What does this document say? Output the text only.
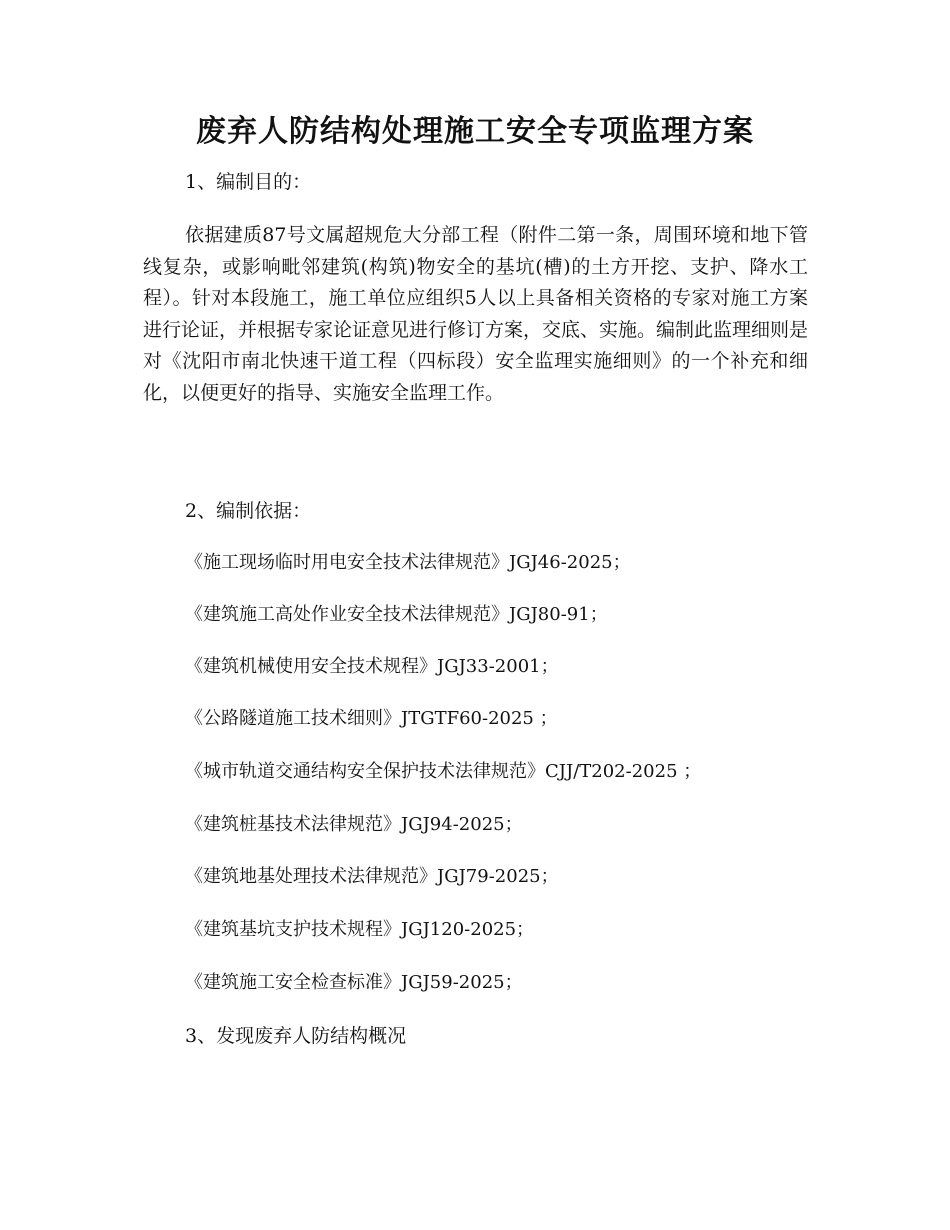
废弃人防结构处理施工安全专项监理方案
1、编制目的：
依据建质87号文属超规危大分部工程（附件二第一条，周围环境和地下管线复杂，或影响毗邻建筑(构筑)物安全的基坑(槽)的土方开挖、支护、降水工程）。针对本段施工，施工单位应组织5人以上具备相关资格的专家对施工方案进行论证，并根据专家论证意见进行修订方案，交底、实施。编制此监理细则是对《沈阳市南北快速干道工程（四标段）安全监理实施细则》的一个补充和细化，以便更好的指导、实施安全监理工作。
2、编制依据：
《施工现场临时用电安全技术法律规范》JGJ46-2025；
《建筑施工高处作业安全技术法律规范》JGJ80-91；
《建筑机械使用安全技术规程》JGJ33-2001；
《公路隧道施工技术细则》JTGTF60-2025 ；
《城市轨道交通结构安全保护技术法律规范》CJJ/T202-2025 ；
《建筑桩基技术法律规范》JGJ94-2025；
《建筑地基处理技术法律规范》JGJ79-2025；
《建筑基坑支护技术规程》JGJ120-2025；
《建筑施工安全检查标准》JGJ59-2025；
3、发现废弃人防结构概况
